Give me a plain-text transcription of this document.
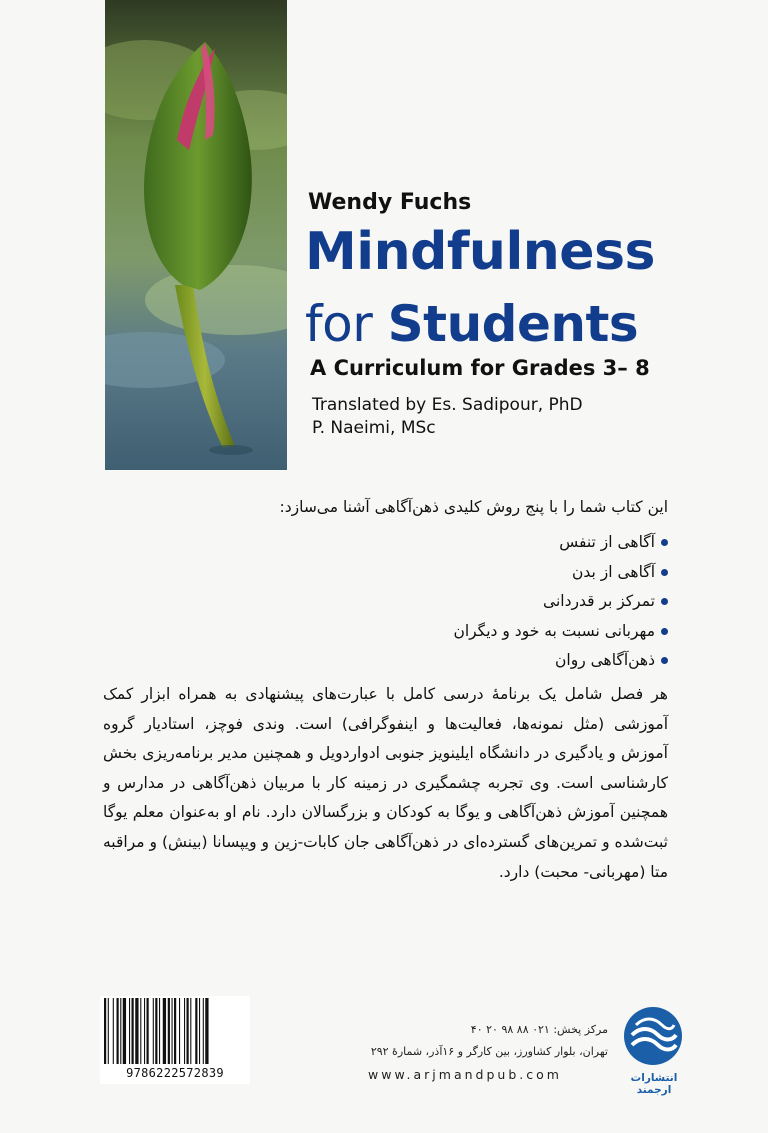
Wendy Fuchs
Mindfulness
for Students
A Curriculum for Grades 3– 8
Translated by Es. Sadipour, PhD
P. Naeimi, MSc
این کتاب شما را با پنج روش کلیدی ذهن‌آگاهی آشنا می‌سازد:
آگاهی از تنفس
آگاهی از بدن
تمرکز بر قدردانی
مهربانی نسبت به خود و دیگران
ذهن‌آگاهی روان
هر فصل شامل یک برنامهٔ درسی کامل با عبارت‌های پیشنهادی به همراه ابزار کمک آموزشی (مثل نمونه‌ها، فعالیت‌ها و اینفوگرافی) است. وندی فوچز، استادیار گروه آموزش و یادگیری در دانشگاه ایلینویز جنوبی ادواردویل و همچنین مدیر برنامه‌ریزی بخش کارشناسی است. وی تجربه چشمگیری در زمینه کار با مربیان ذهن‌آگاهی در مدارس و همچنین آموزش ذهن‌آگاهی و یوگا به کودکان و بزرگسالان دارد. نام او به‌عنوان معلم یوگا ثبت‌شده و تمرین‌های گسترده‌ای در ذهن‌آگاهی جان کابات-زین و ویپسانا (بینش) و مراقبه متا (مهربانی- محبت) دارد.
9786222572839
مرکز پخش: ۰۲۱ ۸۸ ۹۸ ۲۰ ۴۰
تهران، بلوار کشاورز، بین کارگر و ۱۶آذر، شمارهٔ ۲۹۲
www.arjmandpub.com	انتشارات ارجمند
